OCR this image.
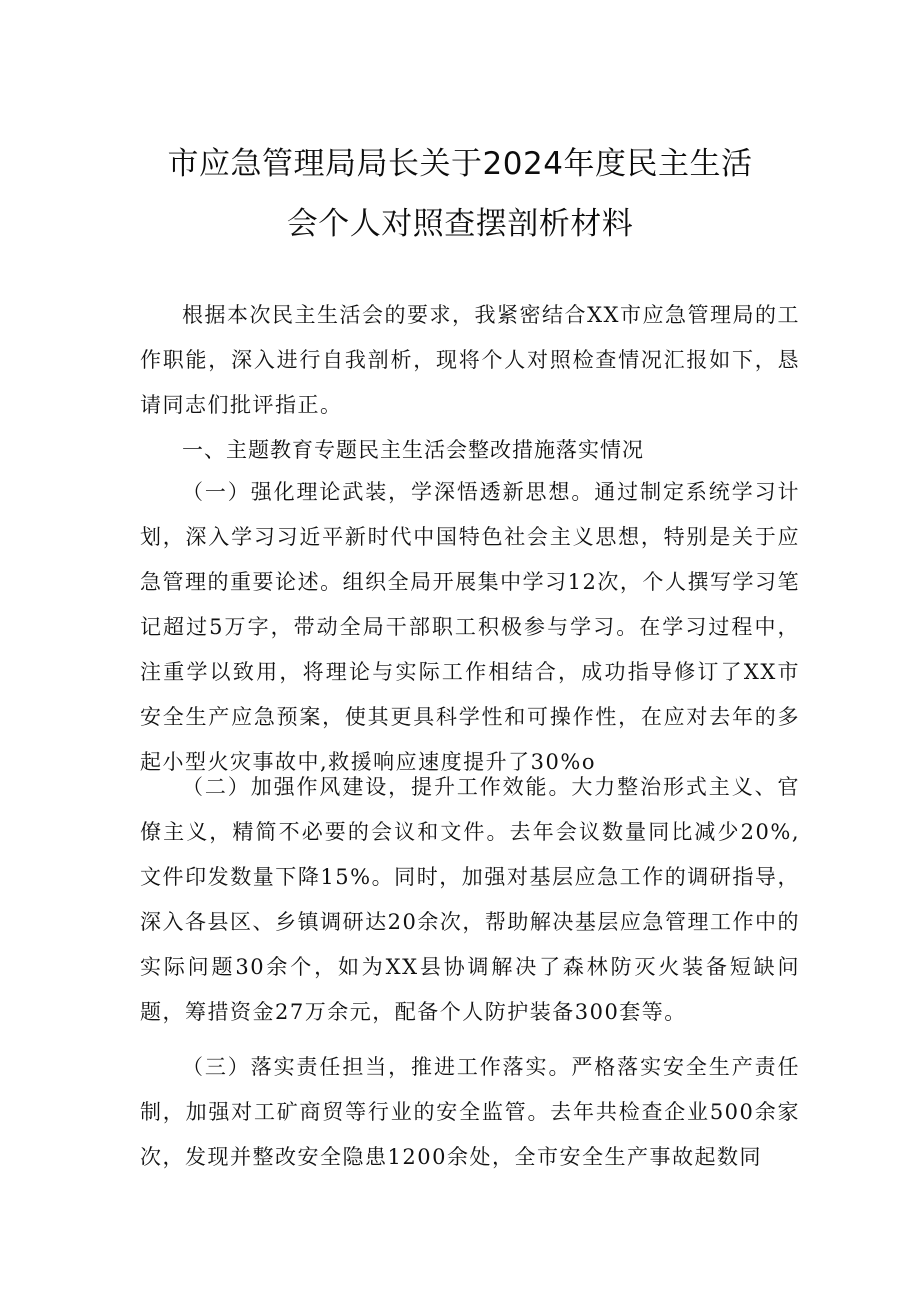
市应急管理局局长关于2024年度民主生活
会个人对照查摆剖析材料

根据本次民主生活会的要求，我紧密结合XX市应急管理局的工作职能，深入进行自我剖析，现将个人对照检查情况汇报如下，恳请同志们批评指正。

一、主题教育专题民主生活会整改措施落实情况

（一）强化理论武装，学深悟透新思想。通过制定系统学习计划，深入学习习近平新时代中国特色社会主义思想，特别是关于应急管理的重要论述。组织全局开展集中学习12次，个人撰写学习笔记超过5万字，带动全局干部职工积极参与学习。在学习过程中，注重学以致用，将理论与实际工作相结合，成功指导修订了XX市安全生产应急预案，使其更具科学性和可操作性，在应对去年的多起小型火灾事故中,救援响应速度提升了30%o

（二）加强作风建设，提升工作效能。大力整治形式主义、官僚主义，精简不必要的会议和文件。去年会议数量同比减少20%,文件印发数量下降15%。同时，加强对基层应急工作的调研指导，深入各县区、乡镇调研达20余次，帮助解决基层应急管理工作中的实际问题30余个，如为XX县协调解决了森林防灭火装备短缺问题，筹措资金27万余元，配备个人防护装备300套等。

（三）落实责任担当，推进工作落实。严格落实安全生产责任制，加强对工矿商贸等行业的安全监管。去年共检查企业500余家次，发现并整改安全隐患1200余处，全市安全生产事故起数同
